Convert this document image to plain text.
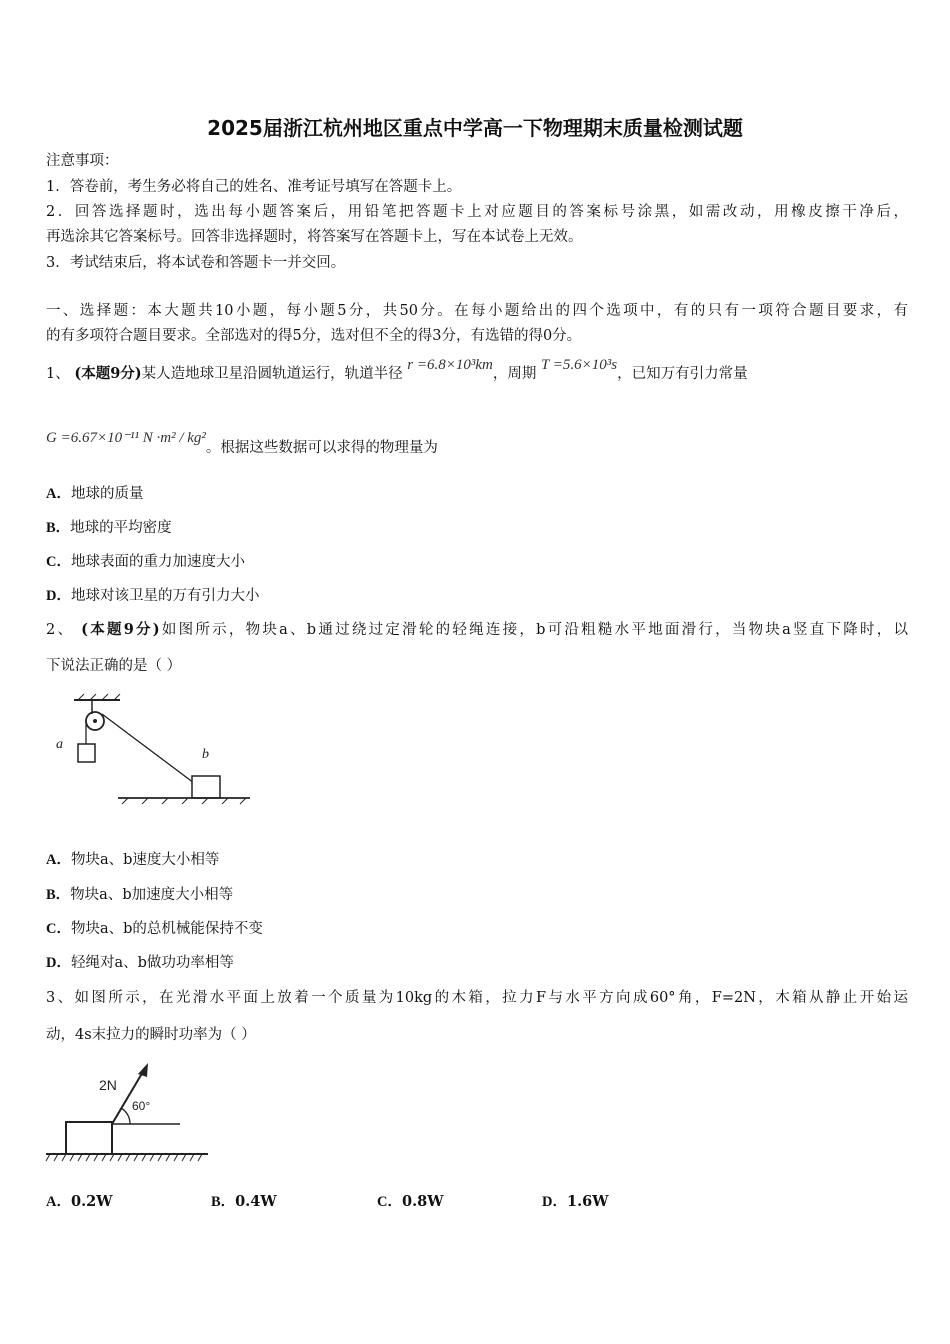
2025届浙江杭州地区重点中学高一下物理期末质量检测试题
注意事项：
1．答卷前，考生务必将自己的姓名、准考证号填写在答题卡上。
2．回答选择题时，选出每小题答案后，用铅笔把答题卡上对应题目的答案标号涂黑，如需改动，用橡皮擦干净后，
再选涂其它答案标号。回答非选择题时，将答案写在答题卡上，写在本试卷上无效。
3．考试结束后，将本试卷和答题卡一并交回。
一、选择题：本大题共10小题，每小题5分，共50分。在每小题给出的四个选项中，有的只有一项符合题目要求，有
的有多项符合题目要求。全部选对的得5分，选对但不全的得3分，有选错的得0分。
1、 (本题9分)某人造地球卫星沿圆轨道运行，轨道半径 r =6.8×10³km，周期 T =5.6×10³s，已知万有引力常量
G =6.67×10⁻¹¹ N ·m² / kg²。根据这些数据可以求得的物理量为
A．地球的质量
B．地球的平均密度
C．地球表面的重力加速度大小
D．地球对该卫星的万有引力大小
2、 (本题9分)如图所示，物块a、b通过绕过定滑轮的轻绳连接，b可沿粗糙水平地面滑行，当物块a竖直下降时，以
下说法正确的是（ ）
a
b
A．物块a、b速度大小相等
B．物块a、b加速度大小相等
C．物块a、b的总机械能保持不变
D．轻绳对a、b做功功率相等
3、如图所示，在光滑水平面上放着一个质量为10kg的木箱，拉力F与水平方向成60°角，F=2N，木箱从静止开始运
动，4s末拉力的瞬时功率为（ ）
2N
60°
A．0.2W	B．0.4W	C．0.8W	D．1.6W
